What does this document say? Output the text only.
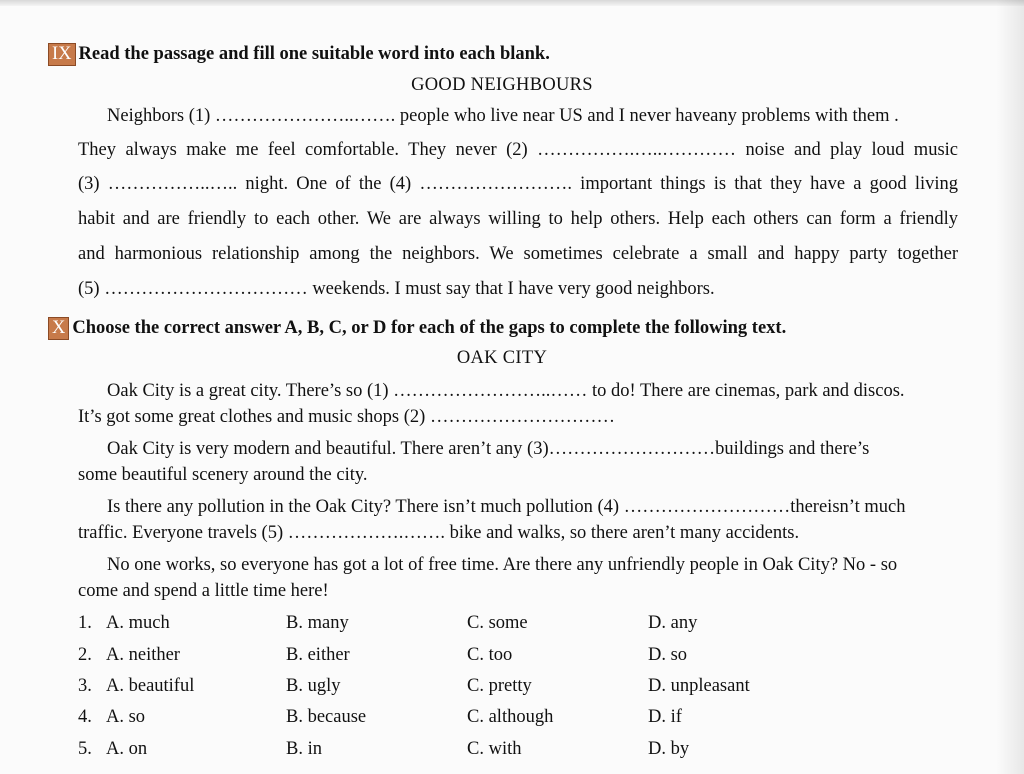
IX Read the passage and fill one suitable word into each blank.
GOOD NEIGHBOURS
Neighbors (1) …………………..……. people who live near US and I never haveany problems with them .
They always make me feel comfortable. They never (2) …………….…..………… noise and play loud music
(3) ……………..….. night. One of the (4) ……………………. important things is that they have a good living
habit and are friendly to each other. We are always willing to help others. Help each others can form a friendly
and harmonious relationship among the neighbors. We sometimes celebrate a small and happy party together
(5) …………………………… weekends. I must say that I have very good neighbors.
X Choose the correct answer A, B, C, or D for each of the gaps to complete the following text.
OAK CITY
Oak City is a great city. There’s so (1) ……………………..…… to do! There are cinemas, park and discos.
It’s got some great clothes and music shops (2) …………………………
Oak City is very modern and beautiful. There aren’t any (3)………………………buildings and there’s
some beautiful scenery around the city.
Is there any pollution in the Oak City? There isn’t much pollution (4) ………………………thereisn’t much
traffic. Everyone travels (5) ……………….……. bike and walks, so there aren’t many accidents.
No one works, so everyone has got a lot of free time. Are there any unfriendly people in Oak City? No - so
come and spend a little time here!
1. A. much	B. many	C. some	D. any
2. A. neither	B. either	C. too	D. so
3. A. beautiful	B. ugly	C. pretty	D. unpleasant
4. A. so	B. because	C. although	D. if
5. A. on	B. in	C. with	D. by
